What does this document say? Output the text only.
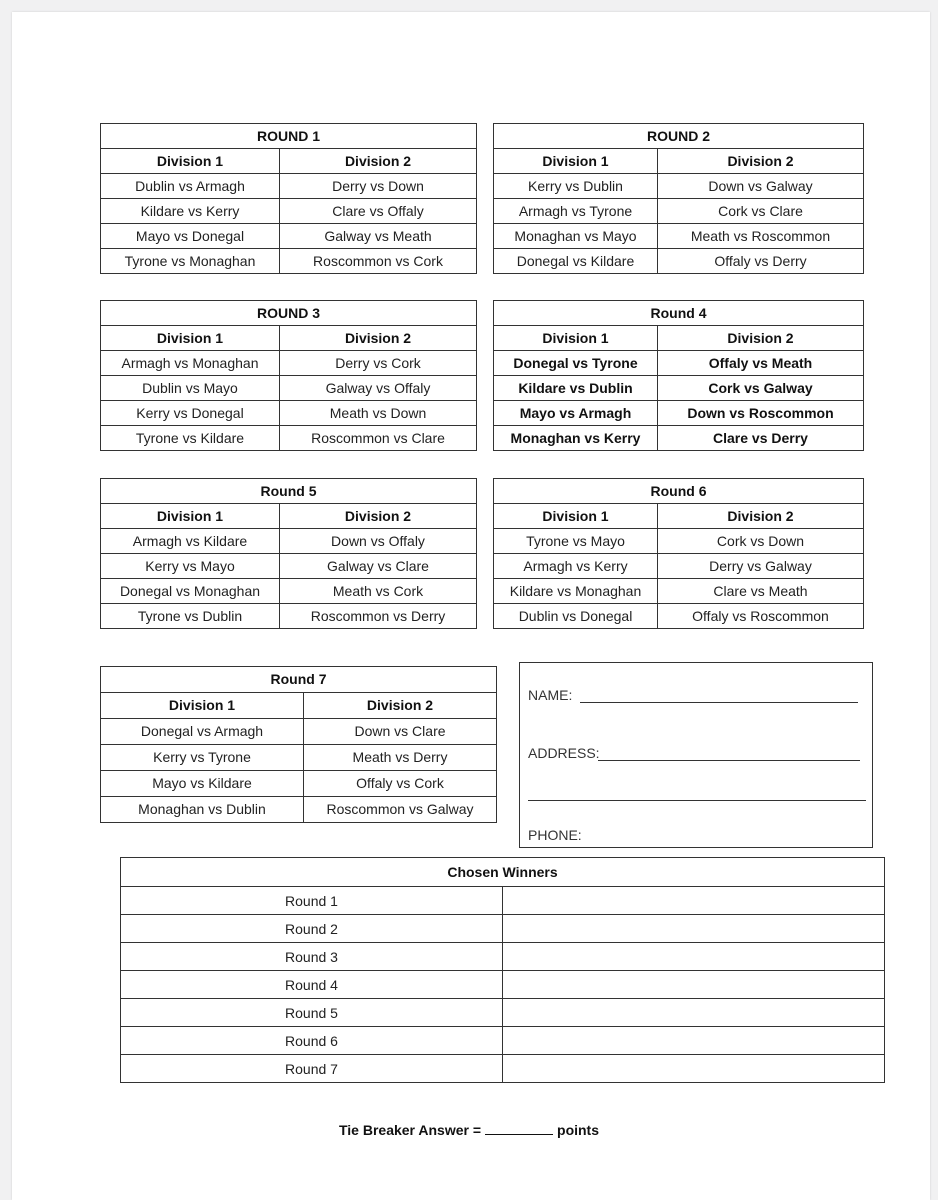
ROUND 1	
Division 1	Division 2
Dublin vs Armagh	Derry vs Down
Kildare vs Kerry	Clare vs Offaly
Mayo vs Donegal	Galway vs Meath
Tyrone vs Monaghan	Roscommon vs Cork
ROUND 2	
Division 1	Division 2
Kerry vs Dublin	Down vs Galway
Armagh vs Tyrone	Cork vs Clare
Monaghan vs Mayo	Meath vs Roscommon
Donegal vs Kildare	Offaly vs Derry
ROUND 3	
Division 1	Division 2
Armagh vs Monaghan	Derry vs Cork
Dublin vs Mayo	Galway vs Offaly
Kerry vs Donegal	Meath vs Down
Tyrone vs Kildare	Roscommon vs Clare
Round 4	
Division 1	Division 2
Donegal vs Tyrone	Offaly vs Meath
Kildare vs Dublin	Cork vs Galway
Mayo vs Armagh	Down vs Roscommon
Monaghan vs Kerry	Clare vs Derry
Round 5	
Division 1	Division 2
Armagh vs Kildare	Down vs Offaly
Kerry vs Mayo	Galway vs Clare
Donegal vs Monaghan	Meath vs Cork
Tyrone vs Dublin	Roscommon vs Derry
Round 6	
Division 1	Division 2
Tyrone vs Mayo	Cork vs Down
Armagh vs Kerry	Derry vs Galway
Kildare vs Monaghan	Clare vs Meath
Dublin vs Donegal	Offaly vs Roscommon
Round 7	
Division 1	Division 2
Donegal vs Armagh	Down vs Clare
Kerry vs Tyrone	Meath vs Derry
Mayo vs Kildare	Offaly vs Cork
Monaghan vs Dublin	Roscommon vs Galway
NAME:
ADDRESS:
PHONE:
Chosen Winners	
Round 1	
Round 2	
Round 3	
Round 4	
Round 5	
Round 6	
Round 7	
Tie Breaker Answer =	points
